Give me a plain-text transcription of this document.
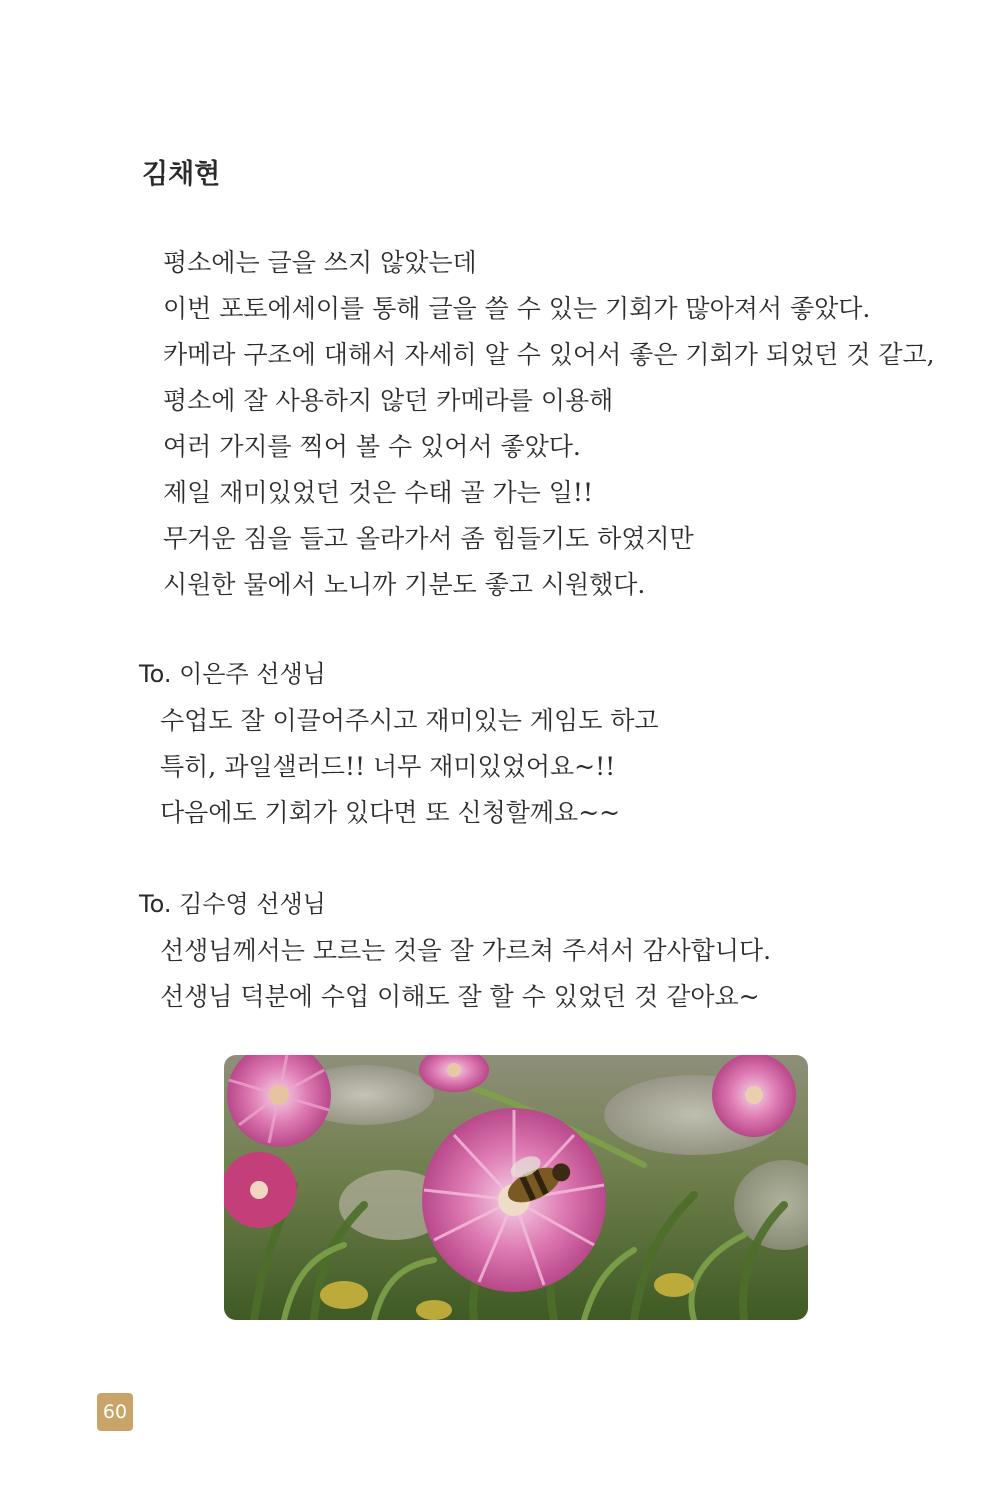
김채현
평소에는 글을 쓰지 않았는데
이번 포토에세이를 통해 글을 쓸 수 있는 기회가 많아져서 좋았다.
카메라 구조에 대해서 자세히 알 수 있어서 좋은 기회가 되었던 것 같고,
평소에 잘 사용하지 않던 카메라를 이용해
여러 가지를 찍어 볼 수 있어서 좋았다.
제일 재미있었던 것은 수태 골 가는 일!!
무거운 짐을 들고 올라가서 좀 힘들기도 하였지만
시원한 물에서 노니까 기분도 좋고 시원했다.
To. 이은주 선생님
수업도 잘 이끌어주시고 재미있는 게임도 하고
특히, 과일샐러드!! 너무 재미있었어요~!!
다음에도 기회가 있다면 또 신청할께요~~
To. 김수영 선생님
선생님께서는 모르는 것을 잘 가르쳐 주셔서 감사합니다.
선생님 덕분에 수업 이해도 잘 할 수 있었던 것 같아요~
60
